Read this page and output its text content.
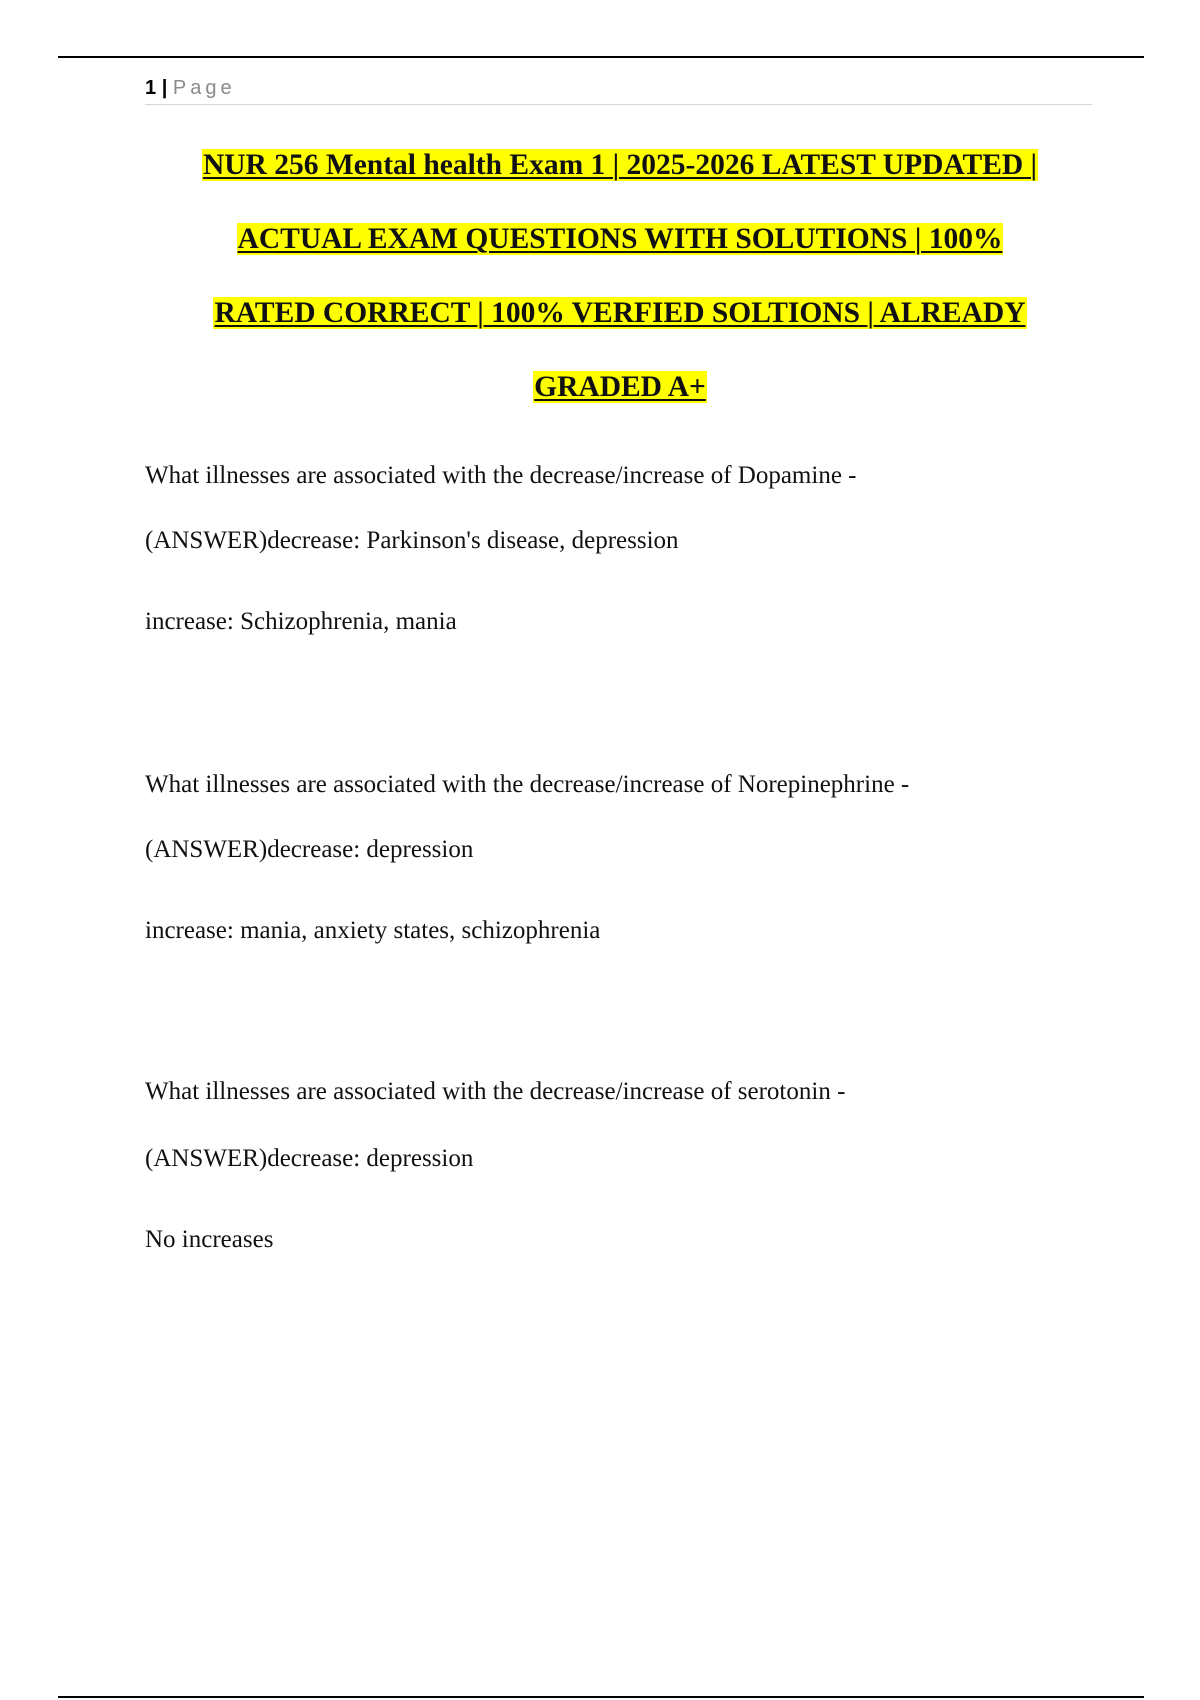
1 | Page
NUR 256 Mental health Exam 1 | 2025-2026 LATEST UPDATED |
ACTUAL EXAM QUESTIONS WITH SOLUTIONS | 100%
RATED CORRECT | 100% VERFIED SOLTIONS | ALREADY
GRADED A+

What illnesses are associated with the decrease/increase of Dopamine -

(ANSWER)decrease: Parkinson's disease, depression

increase: Schizophrenia, mania

What illnesses are associated with the decrease/increase of Norepinephrine -

(ANSWER)decrease: depression

increase: mania, anxiety states, schizophrenia

What illnesses are associated with the decrease/increase of serotonin -

(ANSWER)decrease: depression

No increases
